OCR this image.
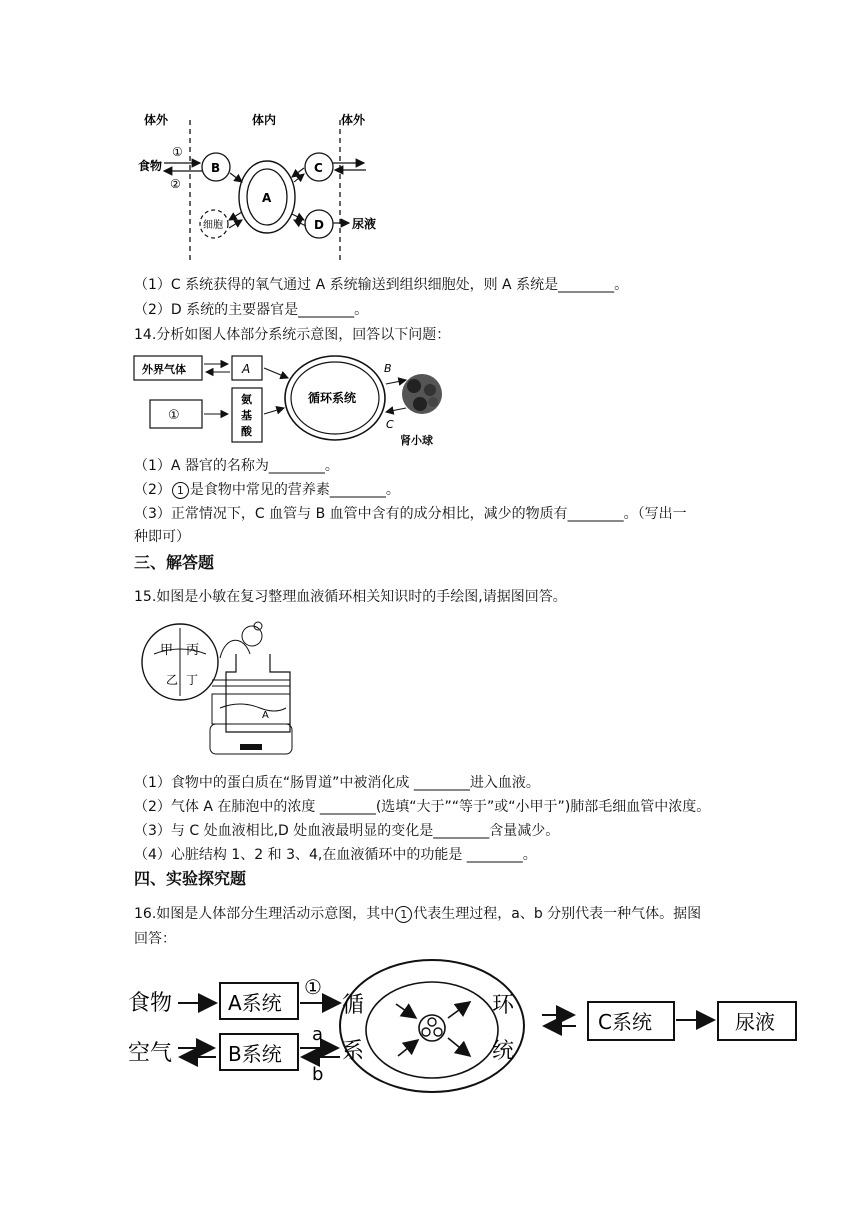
体外	体内	体外
食物
①
②
B
A
C
D
细胞	尿液
（1）C 系统获得的氧气通过 A 系统输送到组织细胞处，则 A 系统是________。
（2）D 系统的主要器官是________。
14.分析如图人体部分系统示意图，回答以下问题：
外界气体	A
①
氨
基
酸
循环系统
B
C
肾小球
（1）A 器官的名称为________。
（2） 1 是食物中常见的营养素________。
（3）正常情况下，C 血管与 B 血管中含有的成分相比，减少的物质有________。（写出一
种即可）
三、解答题
15.如图是小敏在复习整理血液循环相关知识时的手绘图,请据图回答。
甲 丙
乙 丁
A
（1）食物中的蛋白质在“肠胃道”中被消化成 ________进入血液。
（2）气体 A 在肺泡中的浓度 ________(选填“大于”“等于”或“小甲于”)肺部毛细血管中浓度。
（3）与 C 处血液相比,D 处血液最明显的变化是________含量减少。
（4）心脏结构 1、2 和 3、4,在血液循环中的功能是 ________。
四、实验探究题
16.如图是人体部分生理活动示意图，其中 1 代表生理过程，a、b 分别代表一种气体。据图
回答：
食物	A系统
①
空气	B系统
a
b
循
系
环
统
C系统	尿液
